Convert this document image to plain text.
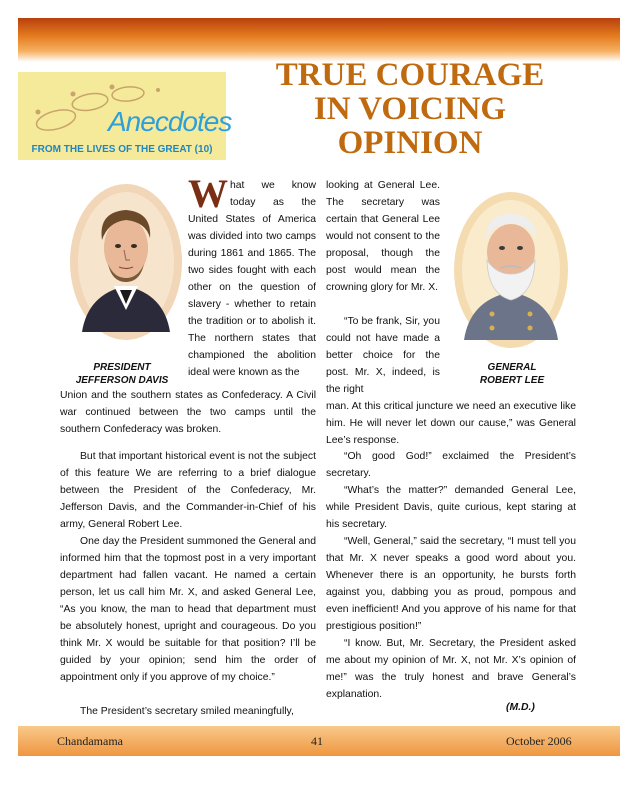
Anecdotes
FROM THE LIVES OF THE GREAT (10)
TRUE COURAGE
IN VOICING
OPINION
PRESIDENT
JEFFERSON DAVIS
GENERAL
ROBERT LEE
W hat we know today as the United States of America was divided into two camps during 1861 and 1865. The two sides fought with each other on the question of slavery - whether to retain the tradition or to abolish it. The northern states that championed the abolition ideal were known as the
Union and the southern states as Confederacy. A Civil war continued between the two camps until the southern Confederacy was broken.
But that important historical event is not the subject of this feature We are referring to a brief dialogue between the President of the Confederacy, Mr. Jefferson Davis, and the Commander-in-Chief of his army, General Robert Lee.
One day the President summoned the General and informed him that the topmost post in a very important department had fallen vacant. He named a certain person, let us call him Mr. X, and asked General Lee, “As you know, the man to head that department must be absolutely honest, upright and courageous. Do you think Mr. X would be suitable for that position? I’ll be guided by your opinion; send him the order of appointment only if you approve of my choice.”
The President’s secretary smiled meaningfully,
looking at General Lee. The secretary was certain that General Lee would not consent to the proposal, though the post would mean the crowning glory for Mr. X.
“To be frank, Sir, you could not have made a better choice for the post. Mr. X, indeed, is the right
man. At this critical juncture we need an executive like him. He will never let down our cause,” was General Lee’s response.
“Oh good God!” exclaimed the President’s secretary.
“What’s the matter?” demanded General Lee, while President Davis, quite curious, kept staring at his secretary.
“Well, General,” said the secretary, “I must tell you that Mr. X never speaks a good word about you. Whenever there is an opportunity, he bursts forth against you, dabbing you as proud, pompous and even inefficient! And you approve of his name for that prestigious position!”
“I know. But, Mr. Secretary, the President asked me about my opinion of Mr. X, not Mr. X’s opinion of me!” was the truly honest and brave General’s explanation.
(M.D.)
Chandamama	41	October 2006
